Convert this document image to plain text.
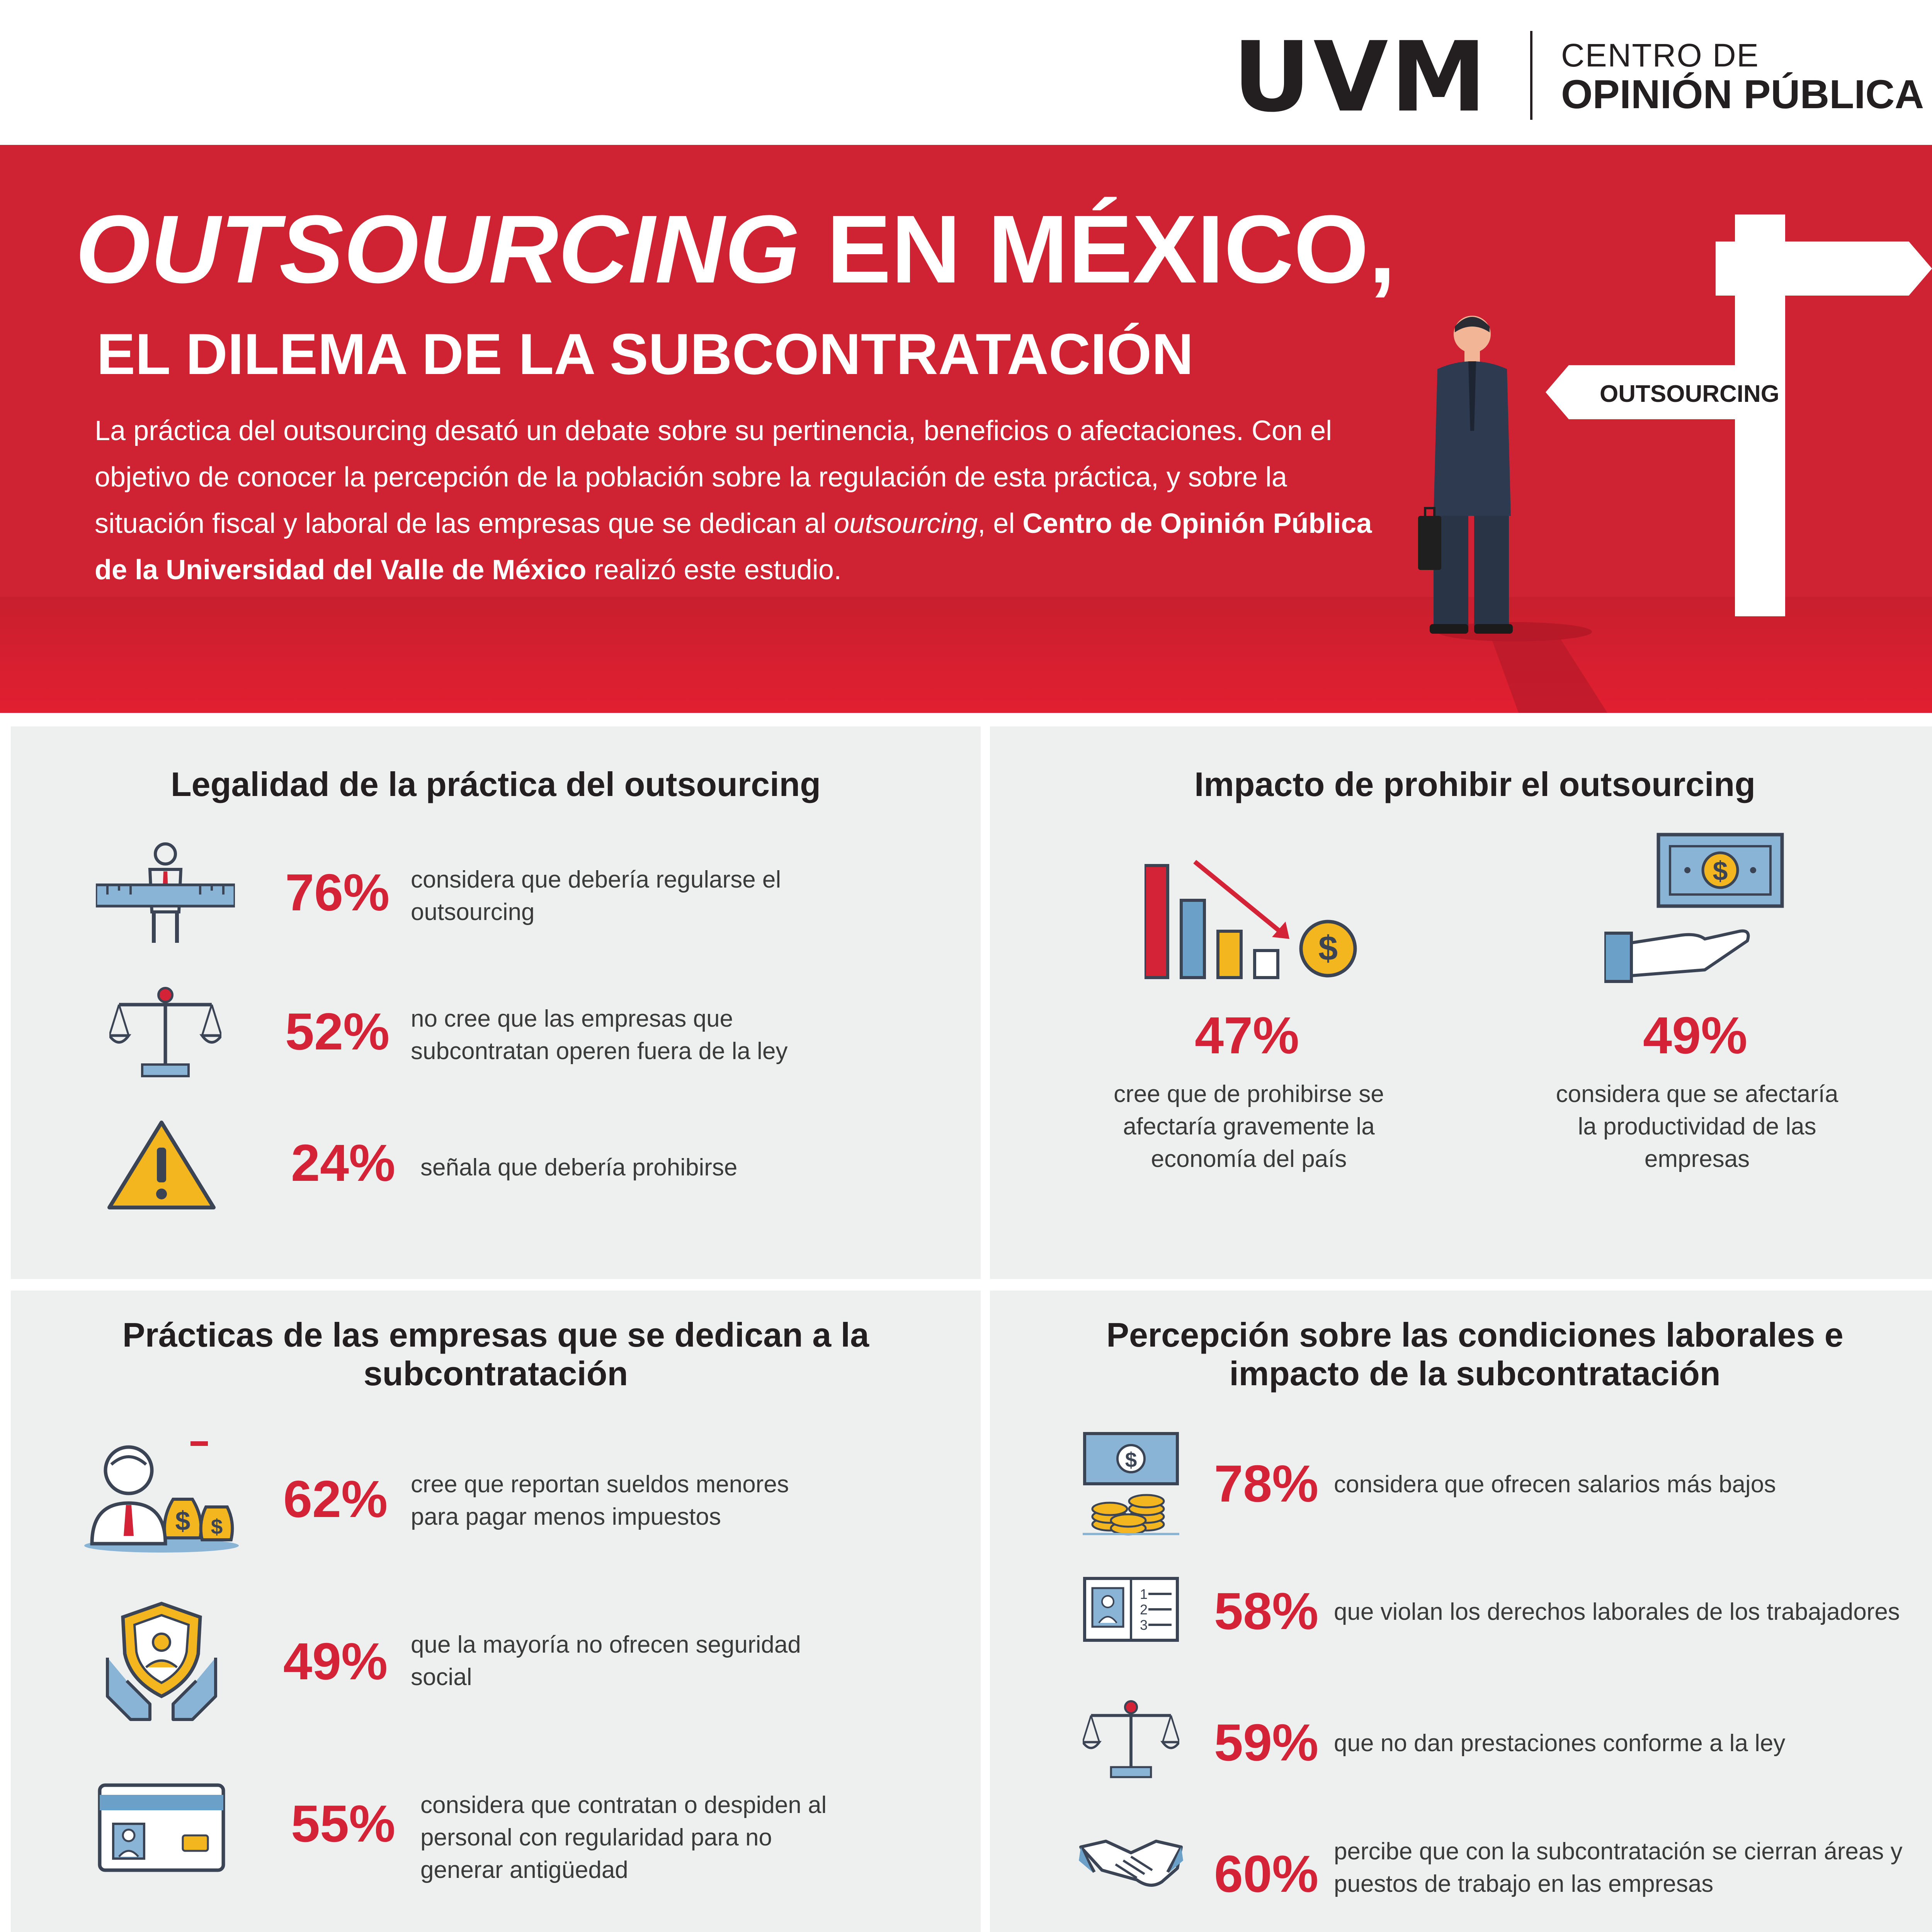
UVM CENTRO DE
OPINIÓN PÚBLICA
OUTSOURCING EN MÉXICO,
EL DILEMA DE LA SUBCONTRATACIÓN
La práctica del outsourcing desató un debate sobre su pertinencia, beneficios o afectaciones. Con el objetivo de conocer la percepción de la población sobre la regulación de esta práctica, y sobre la situación fiscal y laboral de las empresas que se dedican al outsourcing, el Centro de Opinión Pública de la Universidad del Valle de México realizó este estudio.
OUTSOURCING
Legalidad de la práctica del outsourcing
76% considera que debería regularse el outsourcing
52% no cree que las empresas que subcontratan operen fuera de la ley
24% señala que debería prohibirse
Impacto de prohibir el outsourcing
$
47%
cree que de prohibirse se afectaría gravemente la economía del país
$
49%
considera que se afectaría la productividad de las empresas
Prácticas de las empresas que se dedican a la subcontratación
$ $ 62% cree que reportan sueldos menores para pagar menos impuestos
49% que la mayoría no ofrecen seguridad social
55% considera que contratan o despiden al personal con regularidad para no generar antigüedad
Percepción sobre las condiciones laborales e impacto de la subcontratación
$ 78% considera que ofrecen salarios más bajos
1
2
3 58% que violan los derechos laborales de los trabajadores
59% que no dan prestaciones conforme a la ley
60% percibe que con la subcontratación se cierran áreas y puestos de trabajo en las empresas
